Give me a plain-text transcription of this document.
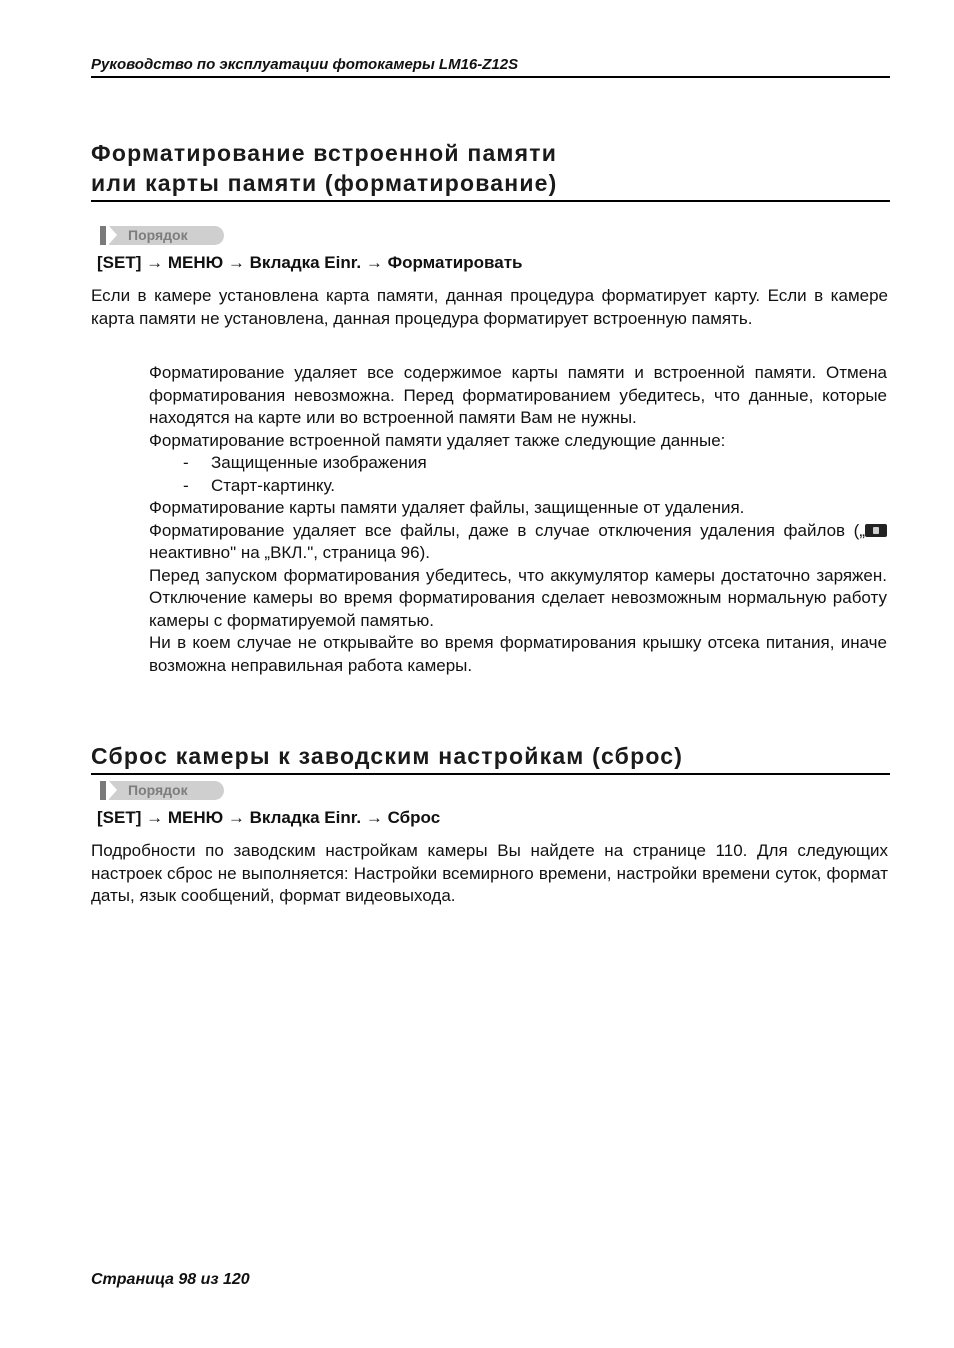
Руководство по эксплуатации фотокамеры LM16-Z12S
Форматирование встроенной памяти
или карты памяти (форматирование)
Порядок
[SET] → МЕНЮ → Вкладка Einr. → Форматировать

Если в камере установлена карта памяти, данная процедура форматирует карту. Если в камере карта памяти не установлена, данная процедура форматирует встроенную память.

Форматирование удаляет все содержимое карты памяти и встроенной памяти. Отмена форматирования невозможна. Перед форматированием убедитесь, что данные, которые находятся на карте или во встроенной памяти Вам не нужны.

Форматирование встроенной памяти удаляет также следующие данные:

- Защищенные изображения

- Старт-картинку.

Форматирование карты памяти удаляет файлы, защищенные от удаления.

Форматирование удаляет все файлы, даже в случае отключения удаления файлов („ неактивно" на „ВКЛ.", страница 96).

Перед запуском форматирования убедитесь, что аккумулятор камеры достаточно заряжен. Отключение камеры во время форматирования сделает невозможным нормальную работу камеры с форматируемой памятью.

Ни в коем случае не открывайте во время форматирования крышку отсека питания, иначе возможна неправильная работа камеры.

Сброс камеры к заводским настройкам (сброс)
Порядок
[SET] → МЕНЮ → Вкладка Einr. → Сброс

Подробности по заводским настройкам камеры Вы найдете на странице 110. Для следующих настроек сброс не выполняется: Настройки всемирного времени, настройки времени суток, формат даты, язык сообщений, формат видеовыхода.

Страница 98 из 120
